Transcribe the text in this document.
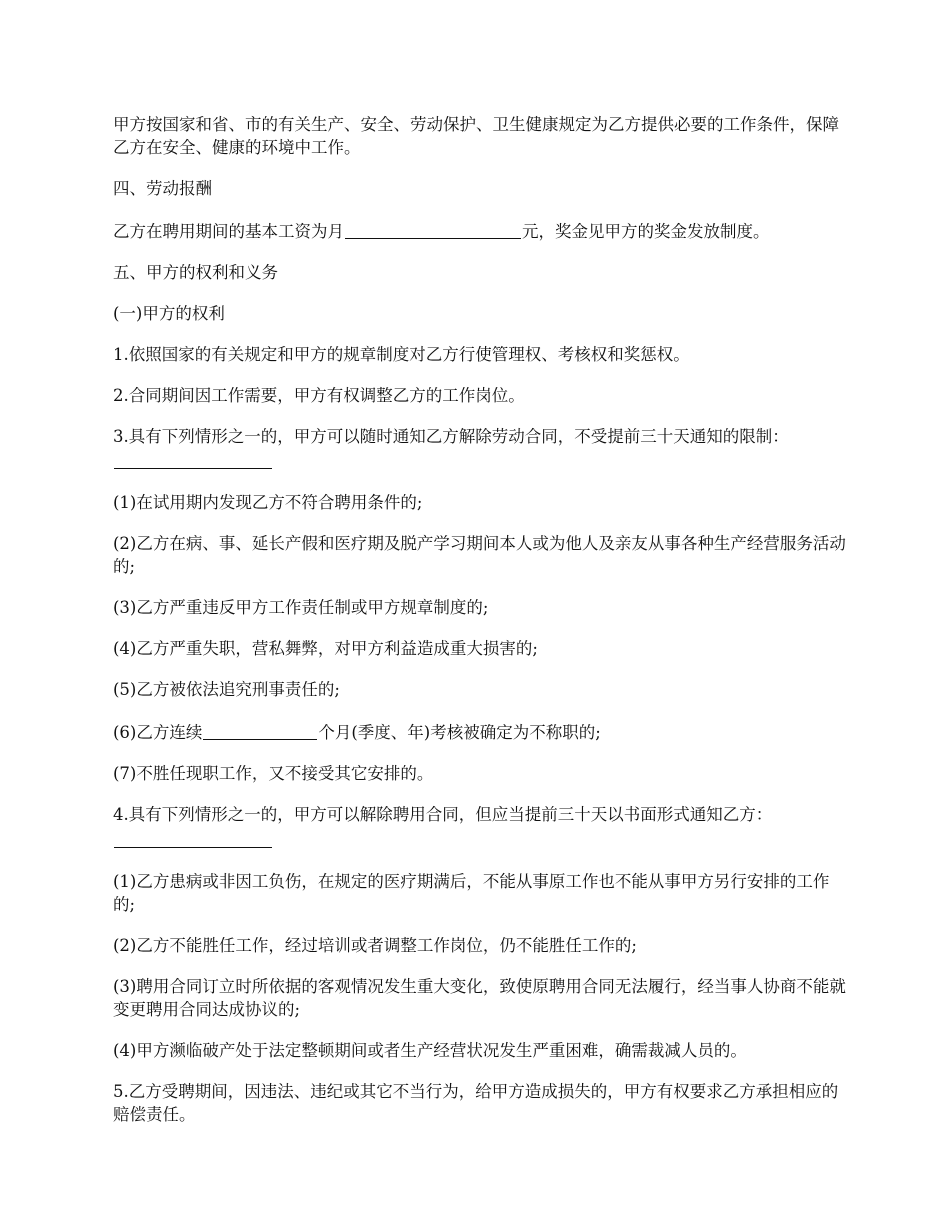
甲方按国家和省、市的有关生产、安全、劳动保护、卫生健康规定为乙方提供必要的工作条件，保障乙方在安全、健康的环境中工作。

四、劳动报酬

乙方在聘用期间的基本工资为月	元，奖金见甲方的奖金发放制度。

五、甲方的权利和义务

(一)甲方的权利

1.依照国家的有关规定和甲方的规章制度对乙方行使管理权、考核权和奖惩权。

2.合同期间因工作需要，甲方有权调整乙方的工作岗位。

3.具有下列情形之一的，甲方可以随时通知乙方解除劳动合同，不受提前三十天通知的限制：

(1)在试用期内发现乙方不符合聘用条件的;

(2)乙方在病、事、延长产假和医疗期及脱产学习期间本人或为他人及亲友从事各种生产经营服务活动的;

(3)乙方严重违反甲方工作责任制或甲方规章制度的;

(4)乙方严重失职，营私舞弊，对甲方利益造成重大损害的;

(5)乙方被依法追究刑事责任的;

(6)乙方连续	个月(季度、年)考核被确定为不称职的;

(7)不胜任现职工作，又不接受其它安排的。

4.具有下列情形之一的，甲方可以解除聘用合同，但应当提前三十天以书面形式通知乙方：

(1)乙方患病或非因工负伤，在规定的医疗期满后，不能从事原工作也不能从事甲方另行安排的工作的;

(2)乙方不能胜任工作，经过培训或者调整工作岗位，仍不能胜任工作的;

(3)聘用合同订立时所依据的客观情况发生重大变化，致使原聘用合同无法履行，经当事人协商不能就变更聘用合同达成协议的;

(4)甲方濒临破产处于法定整顿期间或者生产经营状况发生严重困难，确需裁减人员的。

5.乙方受聘期间，因违法、违纪或其它不当行为，给甲方造成损失的，甲方有权要求乙方承担相应的赔偿责任。
